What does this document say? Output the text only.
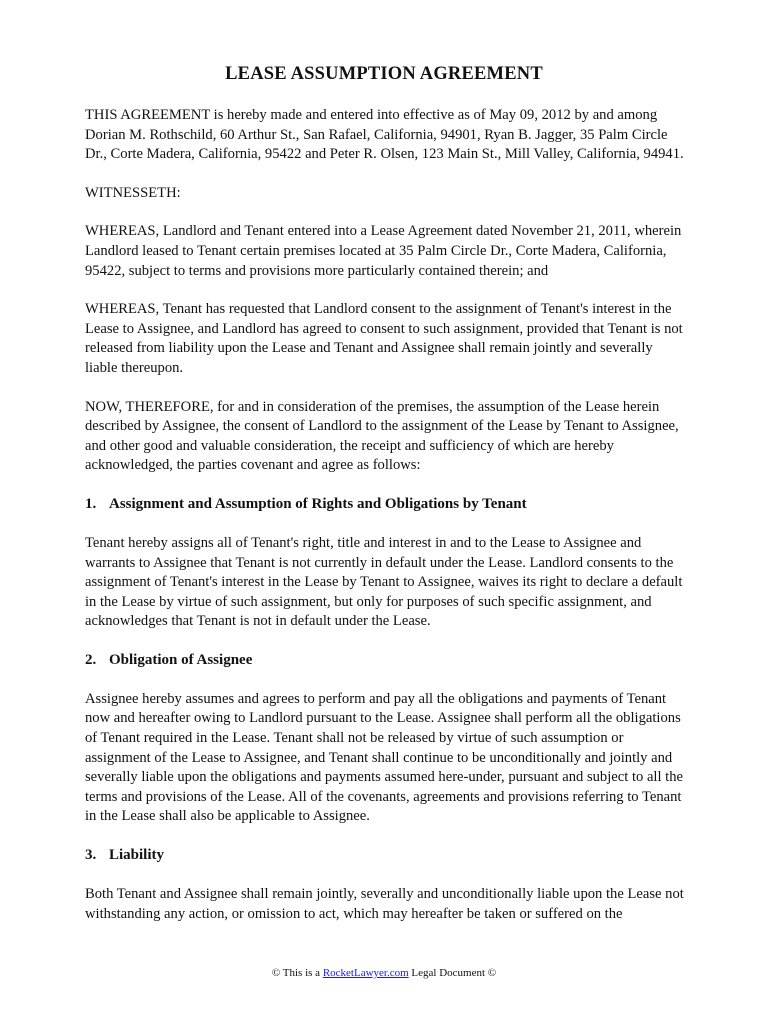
LEASE ASSUMPTION AGREEMENT

THIS AGREEMENT is hereby made and entered into effective as of May 09, 2012 by and among Dorian M. Rothschild, 60 Arthur St., San Rafael, California, 94901, Ryan B. Jagger, 35 Palm Circle Dr., Corte Madera, California, 95422 and Peter R. Olsen, 123 Main St., Mill Valley, California, 94941.

WITNESSETH:

WHEREAS, Landlord and Tenant entered into a Lease Agreement dated November 21, 2011, wherein Landlord leased to Tenant certain premises located at 35 Palm Circle Dr., Corte Madera, California, 95422, subject to terms and provisions more particularly contained therein; and

WHEREAS, Tenant has requested that Landlord consent to the assignment of Tenant's interest in the Lease to Assignee, and Landlord has agreed to consent to such assignment, provided that Tenant is not released from liability upon the Lease and Tenant and Assignee shall remain jointly and severally liable thereupon.

NOW, THEREFORE, for and in consideration of the premises, the assumption of the Lease herein described by Assignee, the consent of Landlord to the assignment of the Lease by Tenant to Assignee, and other good and valuable consideration, the receipt and sufficiency of which are hereby acknowledged, the parties covenant and agree as follows:

1. Assignment and Assumption of Rights and Obligations by Tenant

Tenant hereby assigns all of Tenant's right, title and interest in and to the Lease to Assignee and warrants to Assignee that Tenant is not currently in default under the Lease. Landlord consents to the assignment of Tenant's interest in the Lease by Tenant to Assignee, waives its right to declare a default in the Lease by virtue of such assignment, but only for purposes of such specific assignment, and acknowledges that Tenant is not in default under the Lease.

2. Obligation of Assignee

Assignee hereby assumes and agrees to perform and pay all the obligations and payments of Tenant now and hereafter owing to Landlord pursuant to the Lease. Assignee shall perform all the obligations of Tenant required in the Lease. Tenant shall not be released by virtue of such assumption or assignment of the Lease to Assignee, and Tenant shall continue to be unconditionally and jointly and severally liable upon the obligations and payments assumed here-under, pursuant and subject to all the terms and provisions of the Lease. All of the covenants, agreements and provisions referring to Tenant in the Lease shall also be applicable to Assignee.

3. Liability

Both Tenant and Assignee shall remain jointly, severally and unconditionally liable upon the Lease not withstanding any action, or omission to act, which may hereafter be taken or suffered on the

© This is a RocketLawyer.com Legal Document ©
